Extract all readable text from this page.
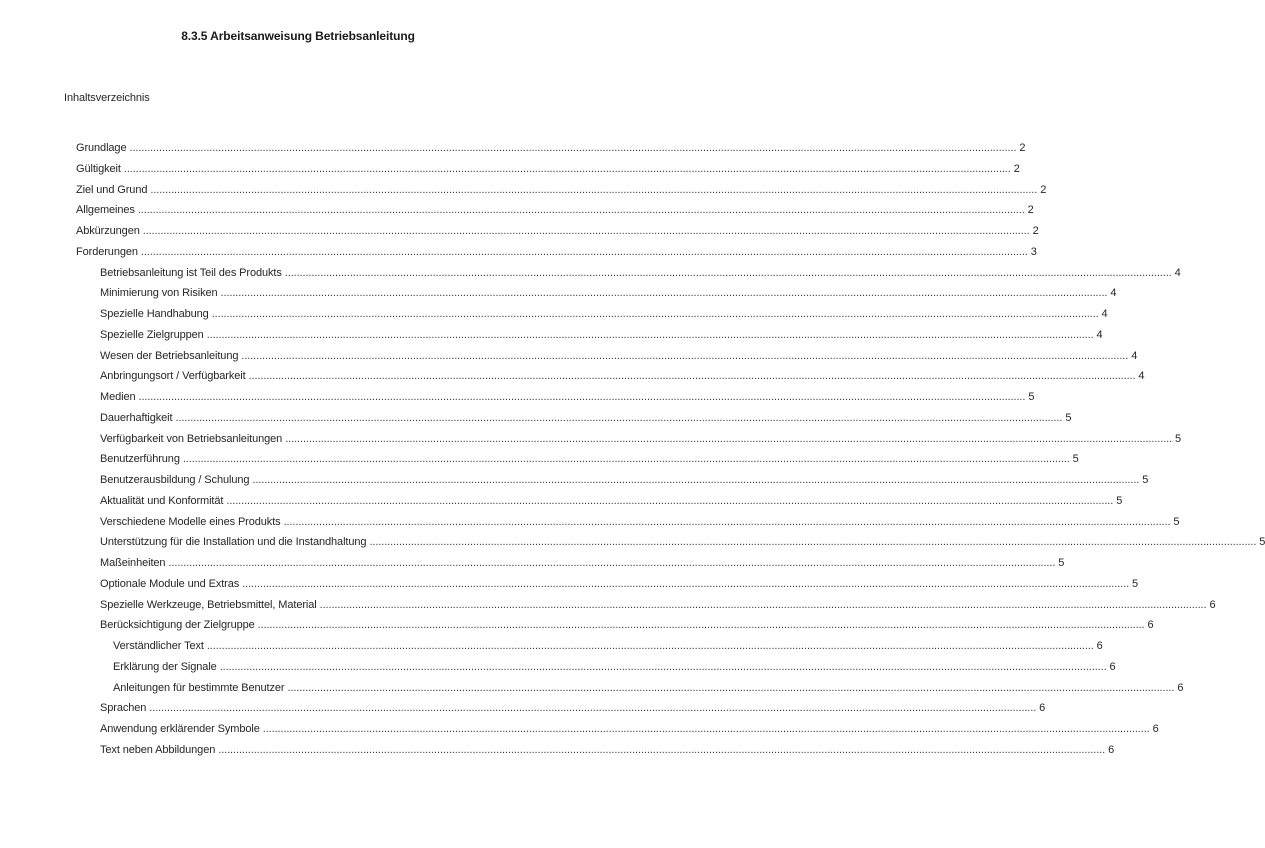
8.3.5 Arbeitsanweisung Betriebsanleitung
Inhaltsverzeichnis
Grundlage ............................................................................................................................................................................................................................................................................................................ 2
Gültigkeit ............................................................................................................................................................................................................................................................................................................ 2
Ziel und Grund ............................................................................................................................................................................................................................................................................................................ 2
Allgemeines ............................................................................................................................................................................................................................................................................................................ 2
Abkürzungen ............................................................................................................................................................................................................................................................................................................ 2
Forderungen ............................................................................................................................................................................................................................................................................................................ 3
Betriebsanleitung ist Teil des Produkts ............................................................................................................................................................................................................................................................................................................ 4
Minimierung von Risiken ............................................................................................................................................................................................................................................................................................................ 4
Spezielle Handhabung ............................................................................................................................................................................................................................................................................................................ 4
Spezielle Zielgruppen ............................................................................................................................................................................................................................................................................................................ 4
Wesen der Betriebsanleitung ............................................................................................................................................................................................................................................................................................................ 4
Anbringungsort / Verfügbarkeit ............................................................................................................................................................................................................................................................................................................ 4
Medien ............................................................................................................................................................................................................................................................................................................ 5
Dauerhaftigkeit ............................................................................................................................................................................................................................................................................................................ 5
Verfügbarkeit von Betriebsanleitungen ............................................................................................................................................................................................................................................................................................................ 5
Benutzerführung ............................................................................................................................................................................................................................................................................................................ 5
Benutzerausbildung / Schulung ............................................................................................................................................................................................................................................................................................................ 5
Aktualität und Konformität ............................................................................................................................................................................................................................................................................................................ 5
Verschiedene Modelle eines Produkts ............................................................................................................................................................................................................................................................................................................ 5
Unterstützung für die Installation und die Instandhaltung ............................................................................................................................................................................................................................................................................................................ 5
Maßeinheiten ............................................................................................................................................................................................................................................................................................................ 5
Optionale Module und Extras ............................................................................................................................................................................................................................................................................................................ 5
Spezielle Werkzeuge, Betriebsmittel, Material ............................................................................................................................................................................................................................................................................................................ 6
Berücksichtigung der Zielgruppe ............................................................................................................................................................................................................................................................................................................ 6
Verständlicher Text ............................................................................................................................................................................................................................................................................................................ 6
Erklärung der Signale ............................................................................................................................................................................................................................................................................................................ 6
Anleitungen für bestimmte Benutzer ............................................................................................................................................................................................................................................................................................................ 6
Sprachen ............................................................................................................................................................................................................................................................................................................ 6
Anwendung erklärender Symbole ............................................................................................................................................................................................................................................................................................................ 6
Text neben Abbildungen ............................................................................................................................................................................................................................................................................................................ 6
